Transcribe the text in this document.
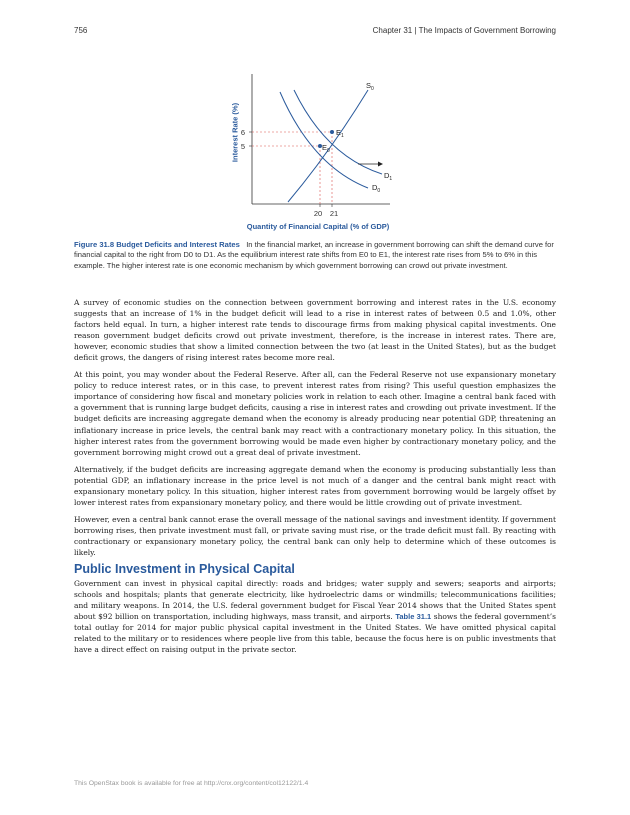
756	Chapter 31 | The Impacts of Government Borrowing
Interest Rate (%) 6
5
20 21
$E_1$
$E_0$
$S_0$
$D_1$
$D_0$
Quantity of Financial Capital (% of GDP)
Figure 31.8 Budget Deficits and Interest Rates In the financial market, an increase in government borrowing can shift the demand curve for financial capital to the right from D0 to D1. As the equilibrium interest rate shifts from E0 to E1, the interest rate rises from 5% to 6% in this example. The higher interest rate is one economic mechanism by which government borrowing can crowd out private investment.

A survey of economic studies on the connection between government borrowing and interest rates in the U.S. economy suggests that an increase of 1% in the budget deficit will lead to a rise in interest rates of between 0.5 and 1.0%, other factors held equal. In turn, a higher interest rate tends to discourage firms from making physical capital investments. One reason government budget deficits crowd out private investment, therefore, is the increase in interest rates. There are, however, economic studies that show a limited connection between the two (at least in the United States), but as the budget deficit grows, the dangers of rising interest rates become more real.

At this point, you may wonder about the Federal Reserve. After all, can the Federal Reserve not use expansionary monetary policy to reduce interest rates, or in this case, to prevent interest rates from rising? This useful question emphasizes the importance of considering how fiscal and monetary policies work in relation to each other. Imagine a central bank faced with a government that is running large budget deficits, causing a rise in interest rates and crowding out private investment. If the budget deficits are increasing aggregate demand when the economy is already producing near potential GDP, threatening an inflationary increase in price levels, the central bank may react with a contractionary monetary policy. In this situation, the higher interest rates from the government borrowing would be made even higher by contractionary monetary policy, and the government borrowing might crowd out a great deal of private investment.

Alternatively, if the budget deficits are increasing aggregate demand when the economy is producing substantially less than potential GDP, an inflationary increase in the price level is not much of a danger and the central bank might react with expansionary monetary policy. In this situation, higher interest rates from government borrowing would be largely offset by lower interest rates from expansionary monetary policy, and there would be little crowding out of private investment.

However, even a central bank cannot erase the overall message of the national savings and investment identity. If government borrowing rises, then private investment must fall, or private saving must rise, or the trade deficit must fall. By reacting with contractionary or expansionary monetary policy, the central bank can only help to determine which of these outcomes is likely.

Public Investment in Physical Capital

Government can invest in physical capital directly: roads and bridges; water supply and sewers; seaports and airports; schools and hospitals; plants that generate electricity, like hydroelectric dams or windmills; telecommunications facilities; and military weapons. In 2014, the U.S. federal government budget for Fiscal Year 2014 shows that the United States spent about $92 billion on transportation, including highways, mass transit, and airports. Table 31.1 shows the federal government’s total outlay for 2014 for major public physical capital investment in the United States. We have omitted physical capital related to the military or to residences where people live from this table, because the focus here is on public investments that have a direct effect on raising output in the private sector.

This OpenStax book is available for free at http://cnx.org/content/col12122/1.4
